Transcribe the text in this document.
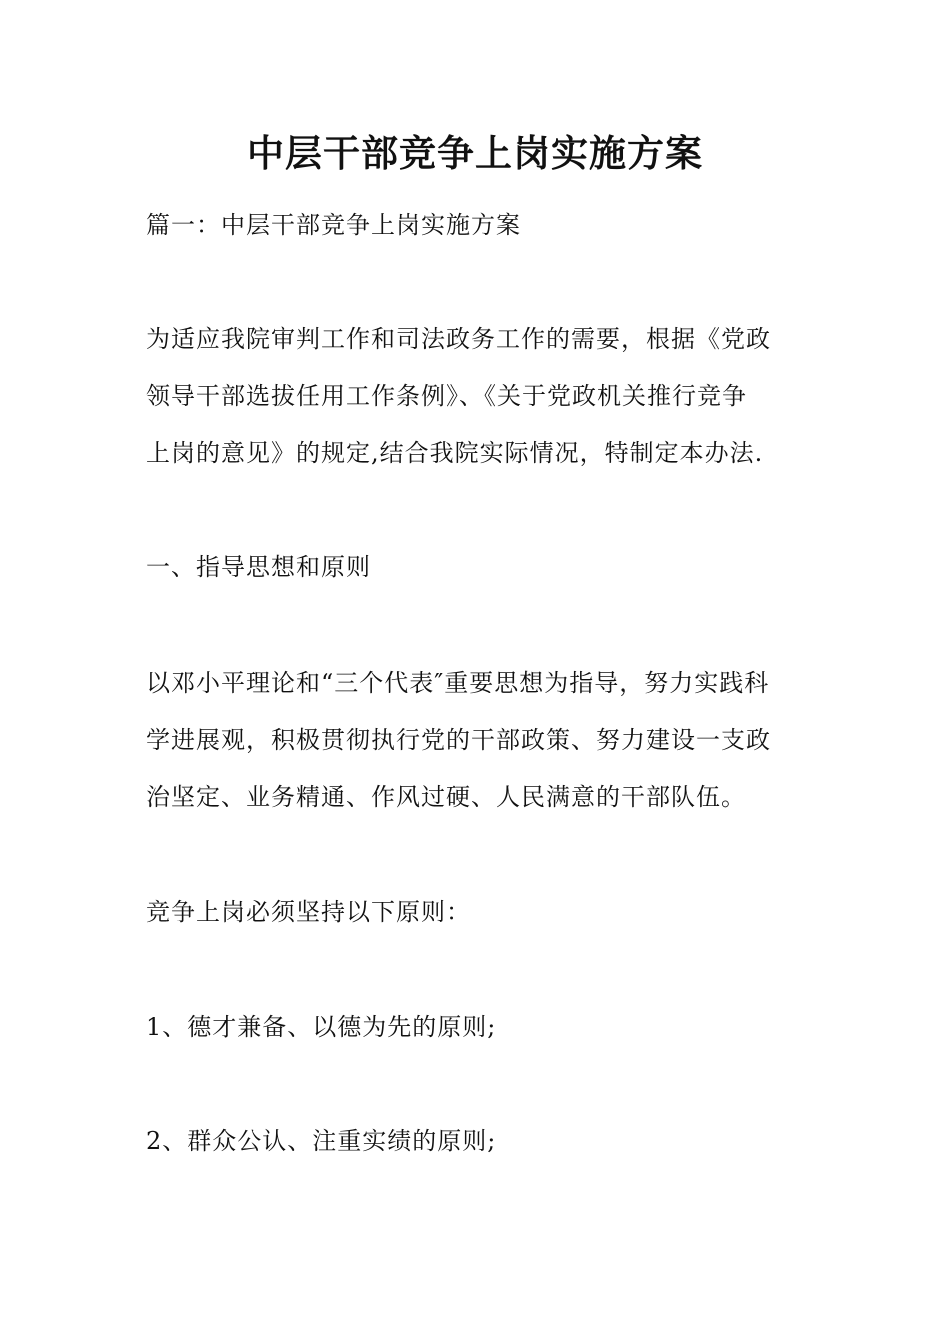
中层干部竞争上岗实施方案
篇一：中层干部竞争上岗实施方案
为适应我院审判工作和司法政务工作的需要，根据《党政
领导干部选拔任用工作条例》、《关于党政机关推行竞争
上岗的意见》的规定,结合我院实际情况，特制定本办法.
一、指导思想和原则
以邓小平理论和“三个代表″重要思想为指导，努力实践科
学进展观，积极贯彻执行党的干部政策、努力建设一支政
治坚定、业务精通、作风过硬、人民满意的干部队伍。
竞争上岗必须坚持以下原则：
1、德才兼备、以德为先的原则;
2、群众公认、注重实绩的原则;
